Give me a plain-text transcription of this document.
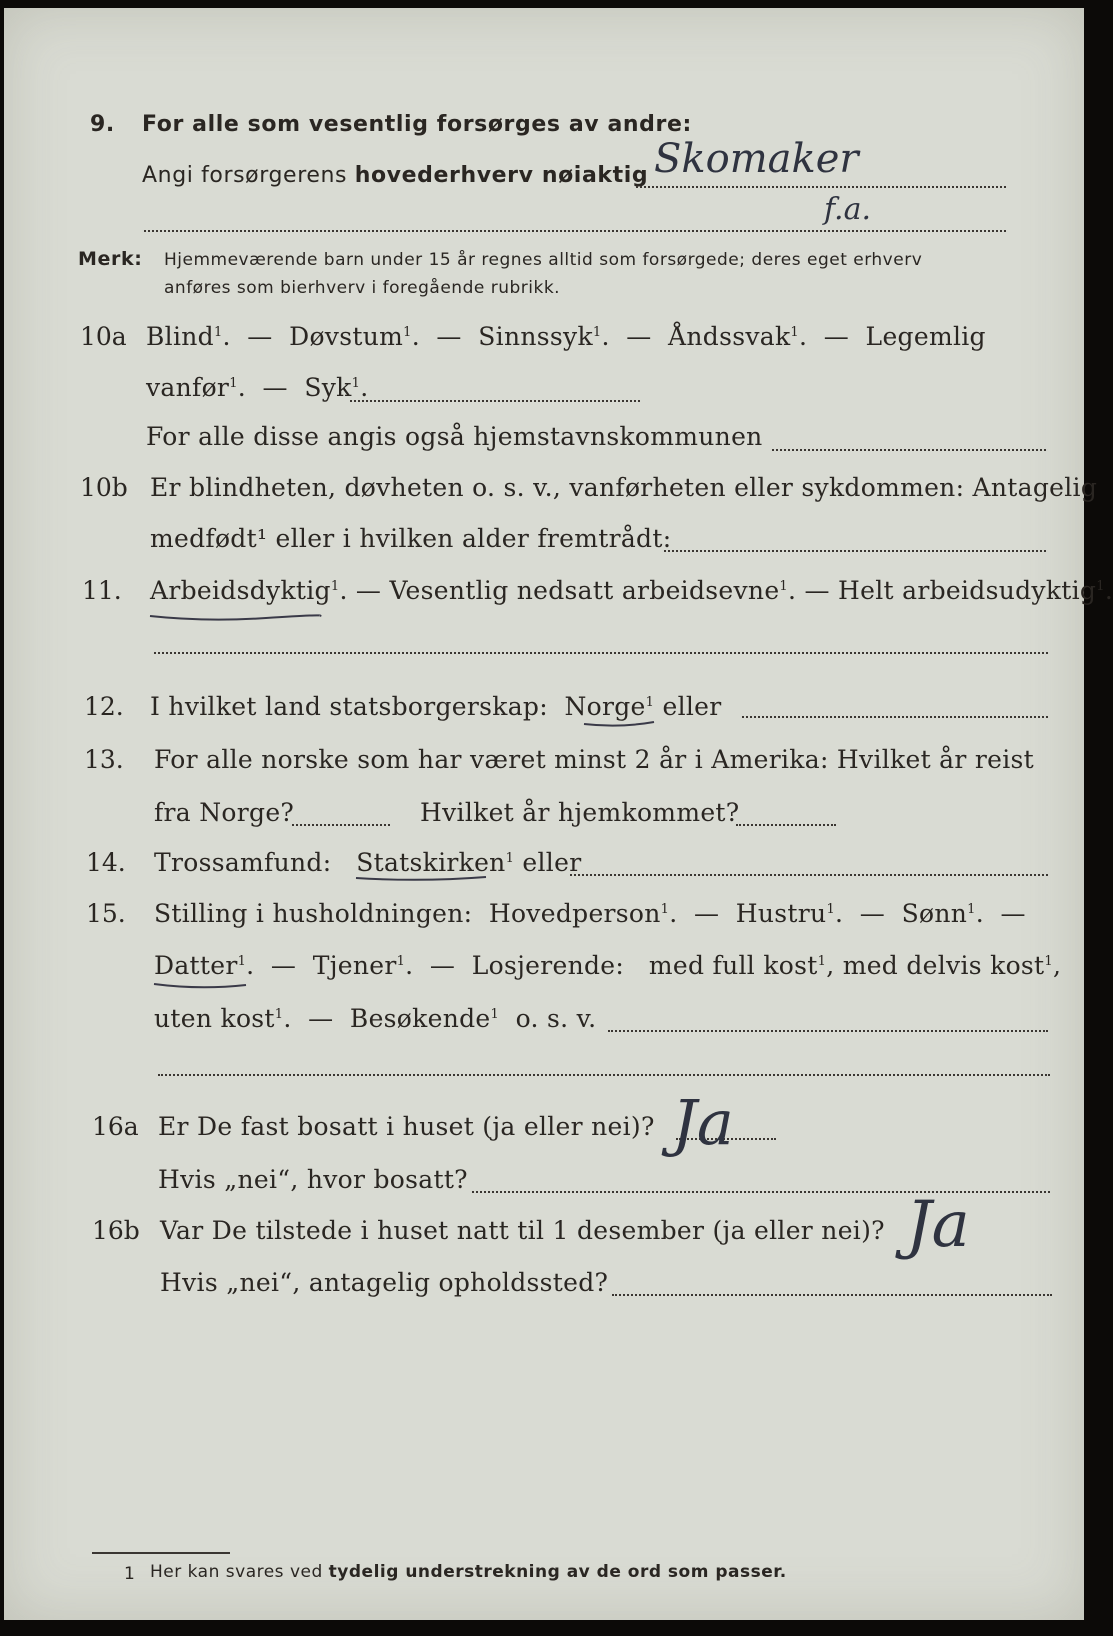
9. For alle som vesentlig forsørges av andre:
Angi forsørgerens hovederhverv nøiaktig Skomaker
f.a.
Merk: Hjemmeværende barn under 15 år regnes alltid som forsørgede; deres eget erhverv
anføres som bierhverv i foregående rubrikk.
10a Blind$^1$.  —  Døvstum$^1$.  —  Sinnssyk$^1$.  —  Åndssvak$^1$.  —  Legemlig
vanfør$^1$.  —  Syk$^1$.
For alle disse angis også hjemstavnskommunen
10b Er blindheten, døvheten o. s. v., vanførheten eller sykdommen: Antagelig
medfødt¹ eller i hvilken alder fremtrådt:
11. Arbeidsdyktig$^1$. — Vesentlig nedsatt arbeidsevne$^1$. — Helt arbeidsudyktig$^1$.
12. I hvilket land statsborgerskap: Norge$^1$ eller
13. For alle norske som har været minst 2 år i Amerika: Hvilket år reist
fra Norge?	Hvilket år hjemkommet?
14. Trossamfund: Statskirken$^1$ eller
15. Stilling i husholdningen: Hovedperson$^1$.  —  Hustru$^1$.  —  Sønn$^1$.  —
Datter$^1$.  —  Tjener$^1$.  —  Losjerende: med full kost$^1$, med delvis kost$^1$,
uten kost$^1$.  —  Besøkende$^1$ o. s. v.
16a Er De fast bosatt i huset (ja eller nei)? Ja
Hvis „nei“, hvor bosatt?
16b Var De tilstede i huset natt til 1 desember (ja eller nei)? Ja
Hvis „nei“, antagelig opholdssted?
1 Her kan svares ved tydelig understrekning av de ord som passer.
